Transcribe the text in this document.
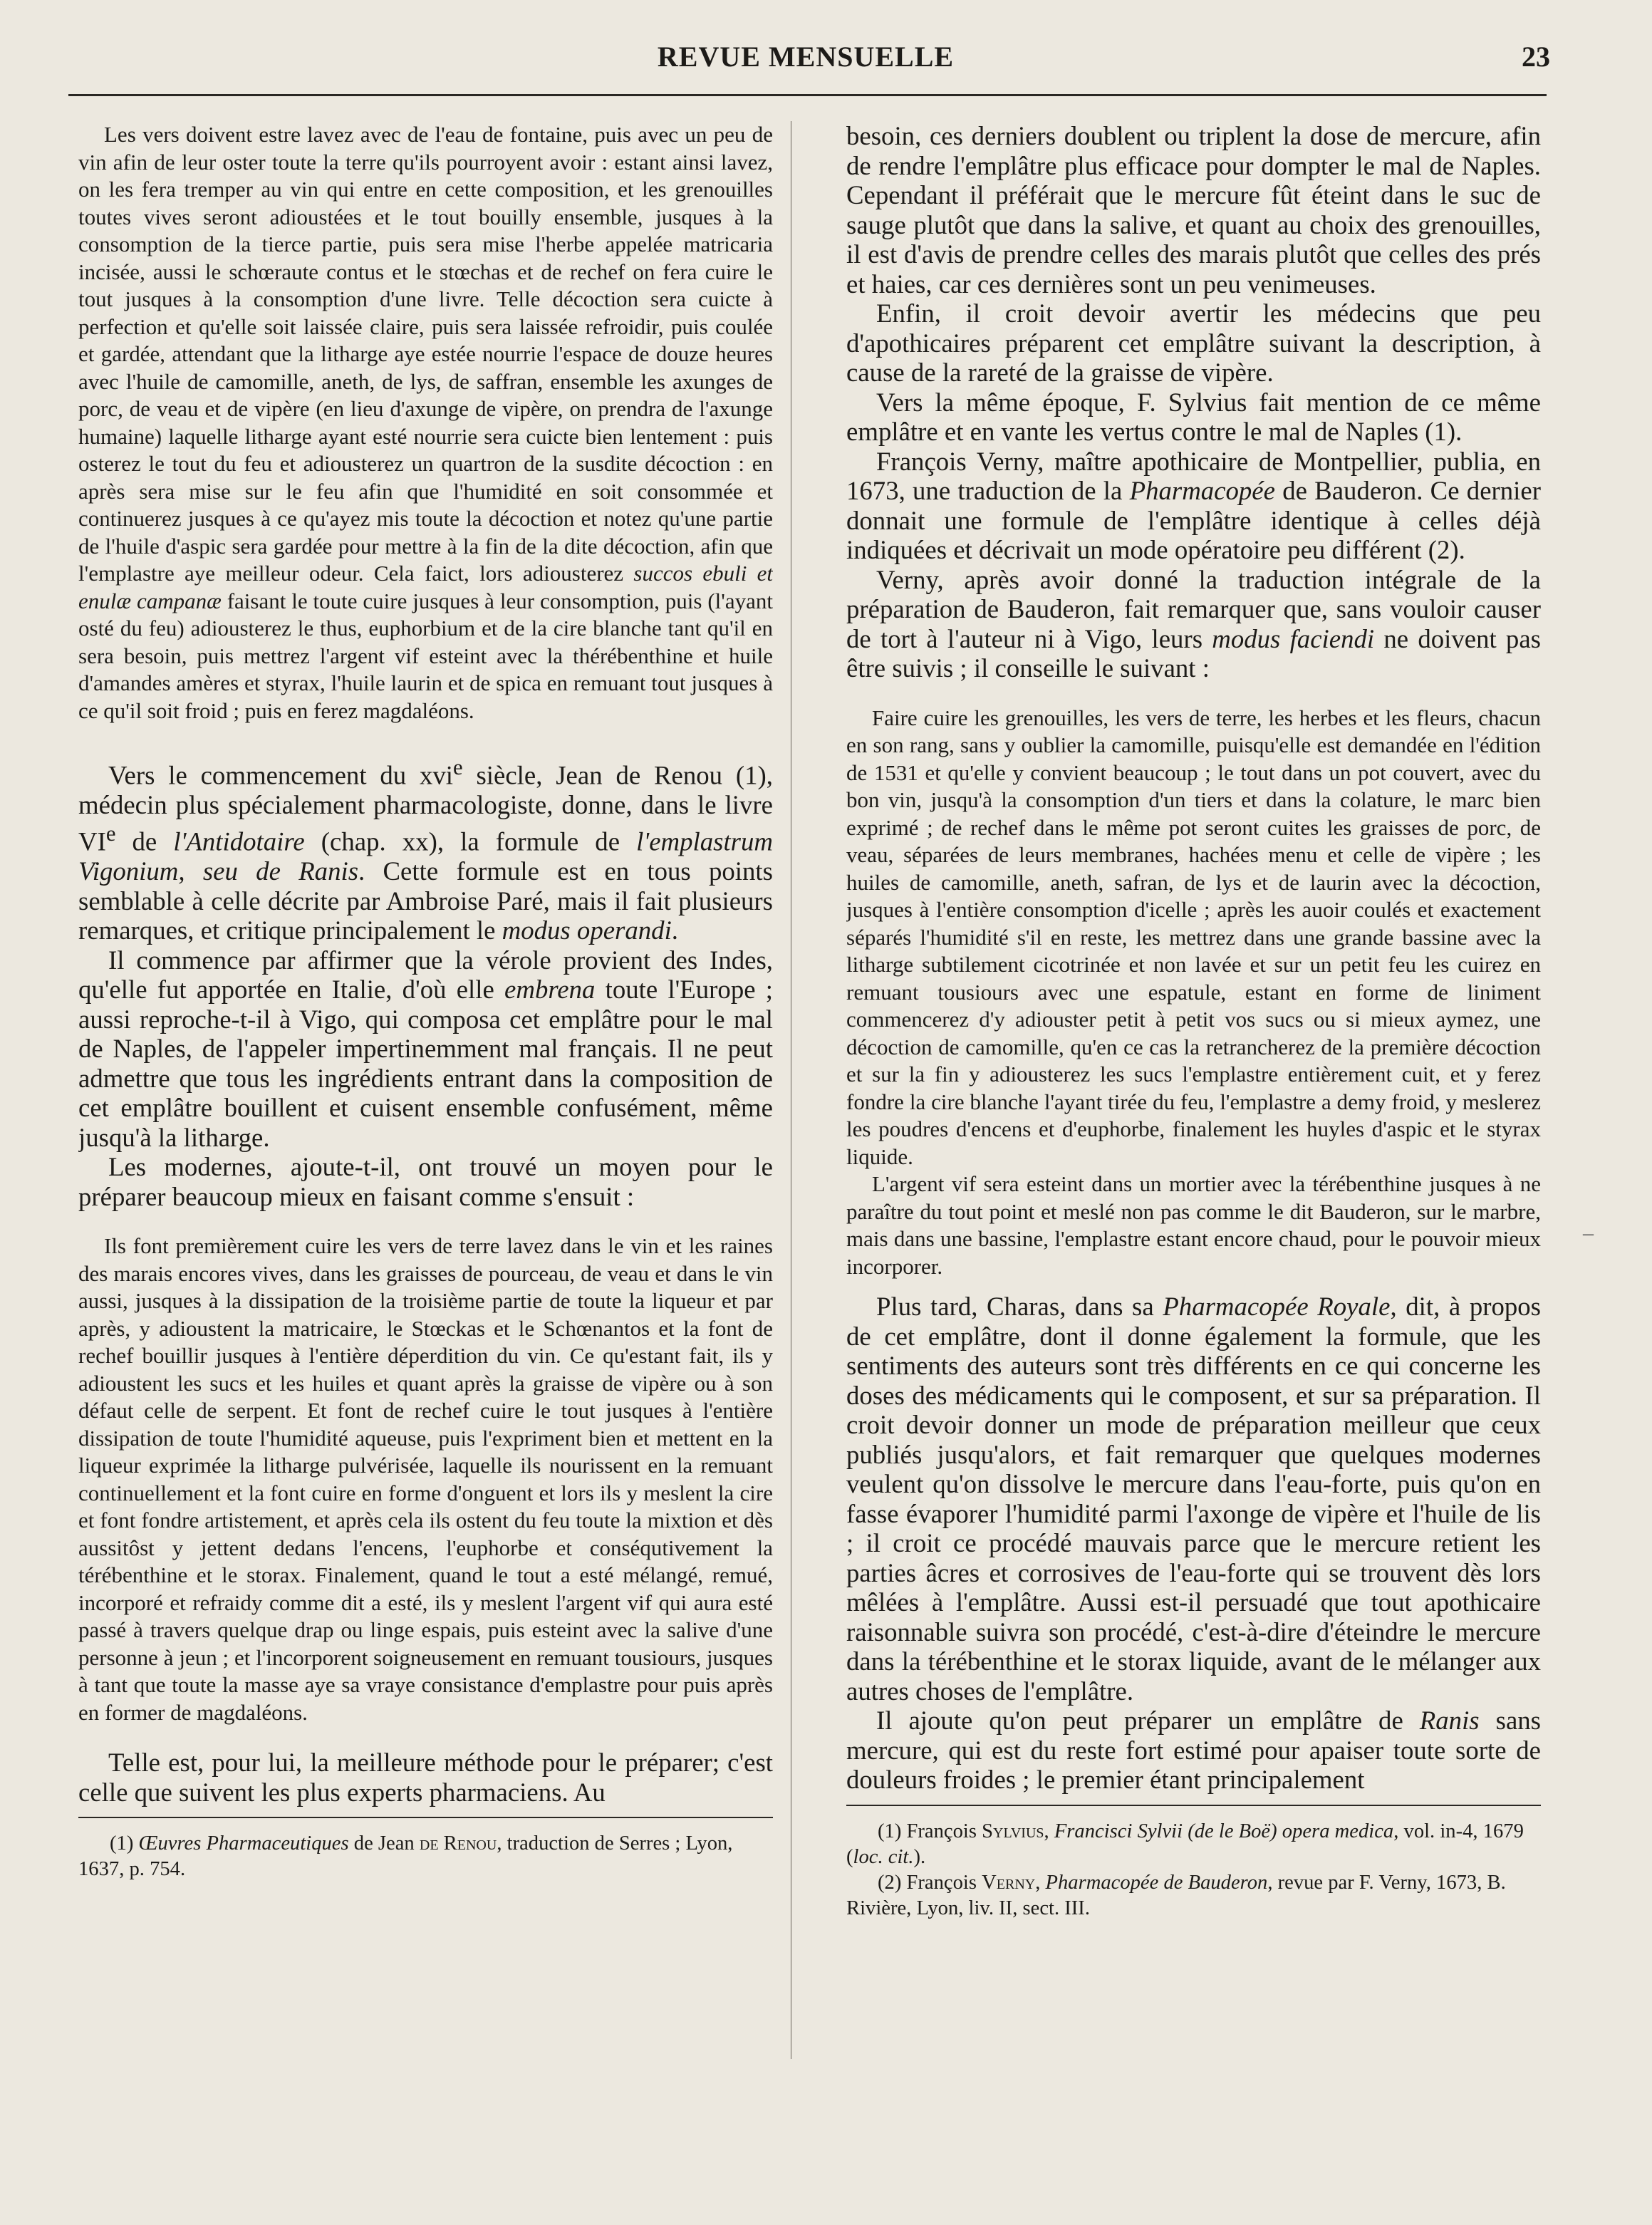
REVUE MENSUELLE	23

Les vers doivent estre lavez avec de l'eau de fontaine, puis avec un peu de vin afin de leur oster toute la terre qu'ils pourroyent avoir : estant ainsi lavez, on les fera tremper au vin qui entre en cette composition, et les grenouilles toutes vives seront adioustées et le tout bouilly ensemble, jusques à la consomption de la tierce partie, puis sera mise l'herbe appelée matricaria incisée, aussi le schœraute contus et le stœchas et de rechef on fera cuire le tout jusques à la consomption d'une livre. Telle décoction sera cuicte à perfection et qu'elle soit laissée claire, puis sera laissée refroidir, puis coulée et gardée, attendant que la litharge aye estée nourrie l'espace de douze heures avec l'huile de camomille, aneth, de lys, de saffran, ensemble les axunges de porc, de veau et de vipère (en lieu d'axunge de vipère, on prendra de l'axunge humaine) laquelle litharge ayant esté nourrie sera cuicte bien lentement : puis osterez le tout du feu et adiousterez un quartron de la susdite décoction : en après sera mise sur le feu afin que l'humidité en soit consommée et continuerez jusques à ce qu'ayez mis toute la décoction et notez qu'une partie de l'huile d'aspic sera gardée pour mettre à la fin de la dite décoction, afin que l'emplastre aye meilleur odeur. Cela faict, lors adiousterez succos ebuli et enulæ campanæ faisant le toute cuire jusques à leur consomption, puis (l'ayant osté du feu) adiousterez le thus, euphorbium et de la cire blanche tant qu'il en sera besoin, puis mettrez l'argent vif esteint avec la thérébenthine et huile d'amandes amères et styrax, l'huile laurin et de spica en remuant tout jusques à ce qu'il soit froid ; puis en ferez magdaléons.

Vers le commencement du xvi$^e$ siècle, Jean de Renou (1), médecin plus spécialement pharmacologiste, donne, dans le livre VIe de l'Antidotaire (chap. xx), la formule de l'emplastrum Vigonium, seu de Ranis. Cette formule est en tous points semblable à celle décrite par Ambroise Paré, mais il fait plusieurs remarques, et critique principalement le modus operandi.

Il commence par affirmer que la vérole provient des Indes, qu'elle fut apportée en Italie, d'où elle embrena toute l'Europe ; aussi reproche-t-il à Vigo, qui composa cet emplâtre pour le mal de Naples, de l'appeler impertinemment mal français. Il ne peut admettre que tous les ingrédients entrant dans la composition de cet emplâtre bouillent et cuisent ensemble confusément, même jusqu'à la litharge.

Les modernes, ajoute-t-il, ont trouvé un moyen pour le préparer beaucoup mieux en faisant comme s'ensuit :

Ils font premièrement cuire les vers de terre lavez dans le vin et les raines des marais encores vives, dans les graisses de pourceau, de veau et dans le vin aussi, jusques à la dissipation de la troisième partie de toute la liqueur et par après, y adioustent la matricaire, le Stœckas et le Schœnantos et la font de rechef bouillir jusques à l'entière déperdition du vin. Ce qu'estant fait, ils y adioustent les sucs et les huiles et quant après la graisse de vipère ou à son défaut celle de serpent. Et font de rechef cuire le tout jusques à l'entière dissipation de toute l'humidité aqueuse, puis l'expriment bien et mettent en la liqueur exprimée la litharge pulvérisée, laquelle ils nourissent en la remuant continuellement et la font cuire en forme d'onguent et lors ils y meslent la cire et font fondre artistement, et après cela ils ostent du feu toute la mixtion et dès aussitôst y jettent dedans l'encens, l'euphorbe et conséqutivement la térébenthine et le storax. Finalement, quand le tout a esté mélangé, remué, incorporé et refraidy comme dit a esté, ils y meslent l'argent vif qui aura esté passé à travers quelque drap ou linge espais, puis esteint avec la salive d'une personne à jeun ; et l'incorporent soigneusement en remuant tousiours, jusques à tant que toute la masse aye sa vraye consistance d'emplastre pour puis après en former de magdaléons.

Telle est, pour lui, la meilleure méthode pour le préparer; c'est celle que suivent les plus experts pharmaciens. Au

(1) Œuvres Pharmaceutiques de Jean de Renou, traduction de Serres ; Lyon, 1637, p. 754.

besoin, ces derniers doublent ou triplent la dose de mercure, afin de rendre l'emplâtre plus efficace pour dompter le mal de Naples. Cependant il préférait que le mercure fût éteint dans le suc de sauge plutôt que dans la salive, et quant au choix des grenouilles, il est d'avis de prendre celles des marais plutôt que celles des prés et haies, car ces dernières sont un peu venimeuses.

Enfin, il croit devoir avertir les médecins que peu d'apothicaires préparent cet emplâtre suivant la description, à cause de la rareté de la graisse de vipère.

Vers la même époque, F. Sylvius fait mention de ce même emplâtre et en vante les vertus contre le mal de Naples (1).

François Verny, maître apothicaire de Montpellier, publia, en 1673, une traduction de la Pharmacopée de Bauderon. Ce dernier donnait une formule de l'emplâtre identique à celles déjà indiquées et décrivait un mode opératoire peu différent (2).

Verny, après avoir donné la traduction intégrale de la préparation de Bauderon, fait remarquer que, sans vouloir causer de tort à l'auteur ni à Vigo, leurs modus faciendi ne doivent pas être suivis ; il conseille le suivant :

Faire cuire les grenouilles, les vers de terre, les herbes et les fleurs, chacun en son rang, sans y oublier la camomille, puisqu'elle est demandée en l'édition de 1531 et qu'elle y convient beaucoup ; le tout dans un pot couvert, avec du bon vin, jusqu'à la consomption d'un tiers et dans la colature, le marc bien exprimé ; de rechef dans le même pot seront cuites les graisses de porc, de veau, séparées de leurs membranes, hachées menu et celle de vipère ; les huiles de camomille, aneth, safran, de lys et de laurin avec la décoction, jusques à l'entière consomption d'icelle ; après les auoir coulés et exactement séparés l'humidité s'il en reste, les mettrez dans une grande bassine avec la litharge subtilement cicotrinée et non lavée et sur un petit feu les cuirez en remuant tousiours avec une espatule, estant en forme de liniment commencerez d'y adiouster petit à petit vos sucs ou si mieux aymez, une décoction de camomille, qu'en ce cas la retrancherez de la première décoction et sur la fin y adiousterez les sucs l'emplastre entièrement cuit, et y ferez fondre la cire blanche l'ayant tirée du feu, l'emplastre a demy froid, y meslerez les poudres d'encens et d'euphorbe, finalement les huyles d'aspic et le styrax liquide.

L'argent vif sera esteint dans un mortier avec la térébenthine jusques à ne paraître du tout point et meslé non pas comme le dit Bauderon, sur le marbre, mais dans une bassine, l'emplastre estant encore chaud, pour le pouvoir mieux incorporer.

Plus tard, Charas, dans sa Pharmacopée Royale, dit, à propos de cet emplâtre, dont il donne également la formule, que les sentiments des auteurs sont très différents en ce qui concerne les doses des médicaments qui le composent, et sur sa préparation. Il croit devoir donner un mode de préparation meilleur que ceux publiés jusqu'alors, et fait remarquer que quelques modernes veulent qu'on dissolve le mercure dans l'eau-forte, puis qu'on en fasse évaporer l'humidité parmi l'axonge de vipère et l'huile de lis ; il croit ce procédé mauvais parce que le mercure retient les parties âcres et corrosives de l'eau-forte qui se trouvent dès lors mêlées à l'emplâtre. Aussi est-il persuadé que tout apothicaire raisonnable suivra son procédé, c'est-à-dire d'éteindre le mercure dans la térébenthine et le storax liquide, avant de le mélanger aux autres choses de l'emplâtre.

Il ajoute qu'on peut préparer un emplâtre de Ranis sans mercure, qui est du reste fort estimé pour apaiser toute sorte de douleurs froides ; le premier étant principalement

(1) François Sylvius, Francisci Sylvii (de le Boë) opera medica, vol. in-4, 1679 (loc. cit.).

(2) François Verny, Pharmacopée de Bauderon, revue par F. Verny, 1673, B. Rivière, Lyon, liv. II, sect. III.

–
